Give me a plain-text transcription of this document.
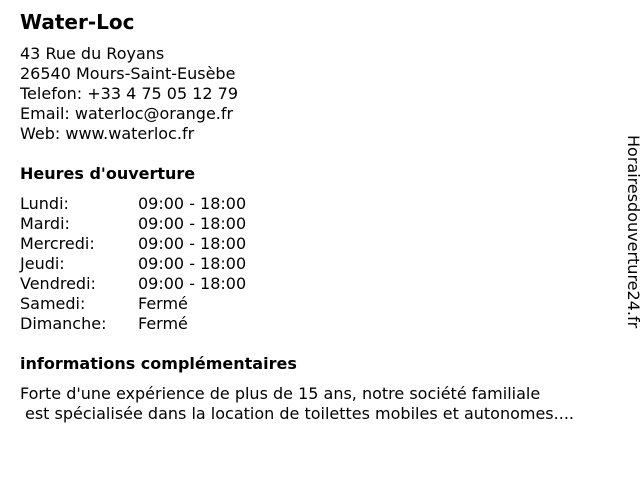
Water-Loc
43 Rue du Royans
26540 Mours-Saint-Eusèbe
Telefon: +33 4 75 05 12 79
Email: waterloc@orange.fr
Web: www.waterloc.fr
Heures d'ouverture
Lundi:	09:00 - 18:00
Mardi:	09:00 - 18:00
Mercredi:	09:00 - 18:00
Jeudi:	09:00 - 18:00
Vendredi:	09:00 - 18:00
Samedi:	Fermé
Dimanche: Fermé
informations complémentaires
Forte d'une expérience de plus de 15 ans, notre société familiale
est spécialisée dans la location de toilettes mobiles et autonomes....
Horairesdouverture24.fr
